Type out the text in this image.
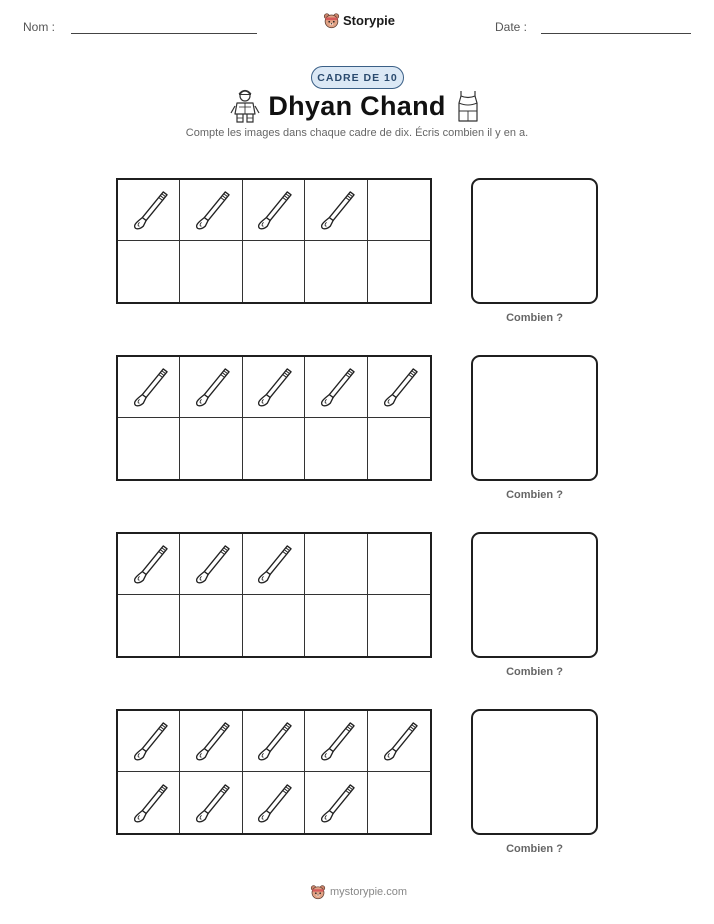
Nom :	Storypie	Date :
CADRE DE 10
Dhyan Chand
Compte les images dans chaque cadre de dix. Écris combien il y en a.
Combien ?
Combien ?
Combien ?
Combien ?
mystorypie.com
